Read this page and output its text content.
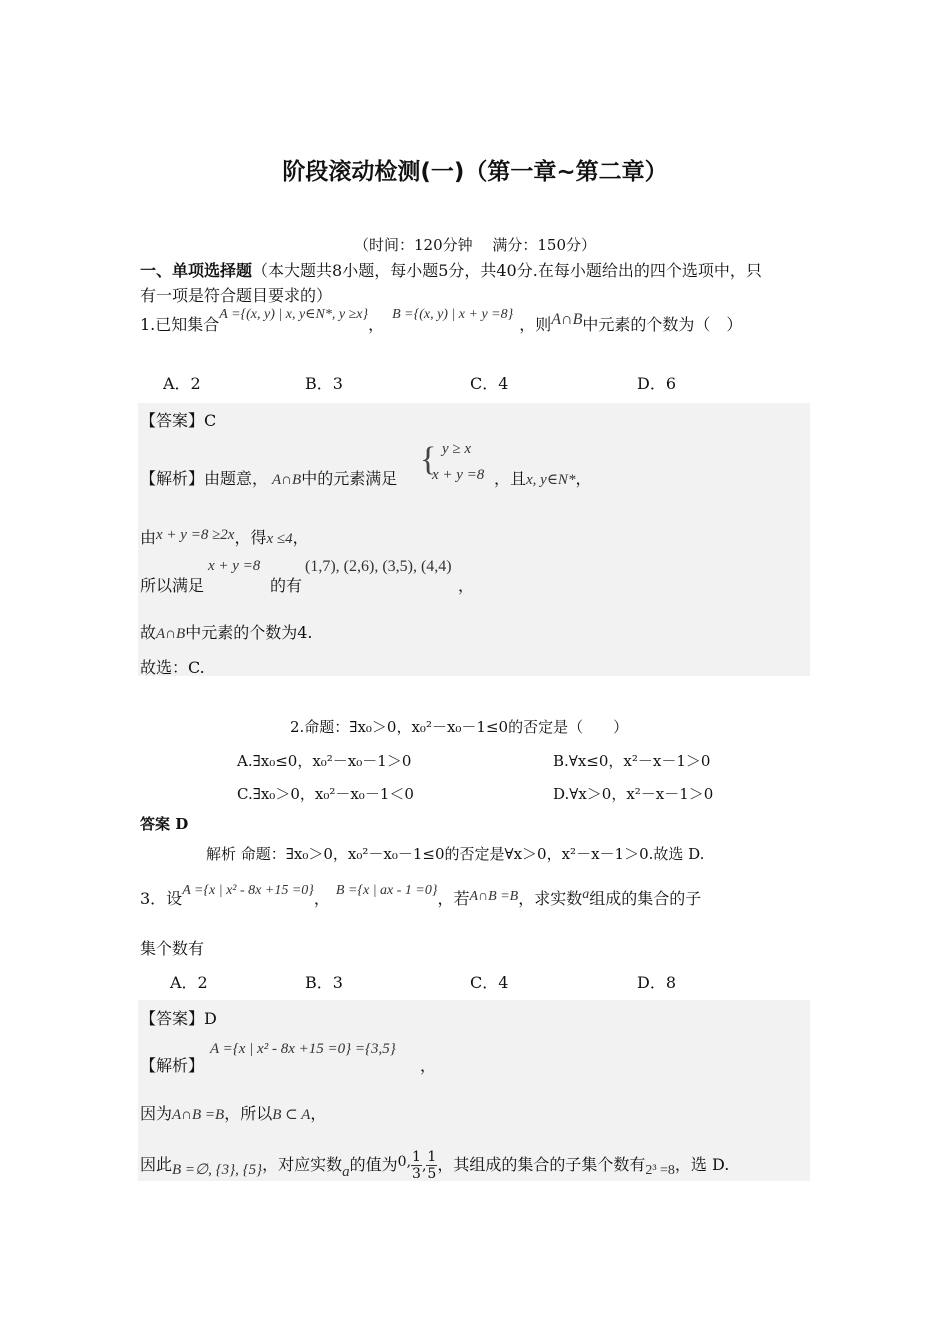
阶段滚动检测(一)（第一章~第二章）
（时间：120分钟　 满分：150分）
一、单项选择题（本大题共8小题，每小题5分，共40分.在每小题给出的四个选项中，只
有一项是符合题目要求的）
1.已知集合A ={(x, y) | x, y∈N*, y ≥x}，B ={(x, y) | x + y =8}，则A∩B中元素的个数为（　）
A．2	B．3	C．4	D．6
【答案】C
【解析】由题意， A∩B中的元素满足
{ y ≥ x
x + y =8 ，且x, y∈N*，
由x + y =8 ≥2x，得x ≤4，
所以满足
x + y =8
的有
(1,7), (2,6), (3,5), (4,4)
，
故A∩B中元素的个数为4.
故选：C.
2.命题：∃x₀＞0，x₀²－x₀－1≤0的否定是（　　）
A.∃x₀≤0，x₀²－x₀－1＞0	B.∀x≤0，x²－x－1＞0
C.∃x₀＞0，x₀²－x₀－1＜0	D.∀x＞0，x²－x－1＞0
答案 D
解析 命题：∃x₀＞0，x₀²－x₀－1≤0的否定是∀x＞0，x²－x－1＞0.故选 D.
3．设A ={x | x² - 8x +15 =0}， B ={x | ax - 1 =0}，若A∩B =B，求实数a组成的集合的子
集个数有
A．2	B．3	C．4	D．8
【答案】D
【解析】
A ={x | x² - 8x +15 =0} ={3,5}
，
因为A∩B =B，所以B ⊂ A，
因此B =∅, {3}, {5}，对应实数a的值为0, $\frac{1}{3}$ , $\frac{1}{5}$ ，其组成的集合的子集个数有2³ =8，选 D.
